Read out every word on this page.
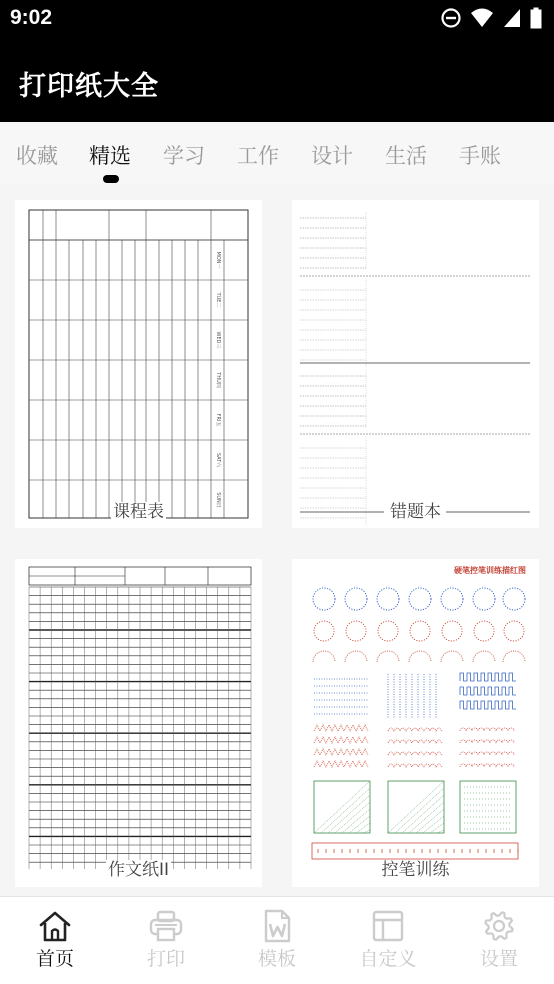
9:02
打印纸大全
收藏 精选 学习 工作 设计 生活 手账
MON一
TUE二
WED三
THU四
FRI五
SAT六
SUN日
课程表	错题本
作文纸II
硬笔控笔训练描红图
控笔训练
首页	打印	模板	自定义	设置
